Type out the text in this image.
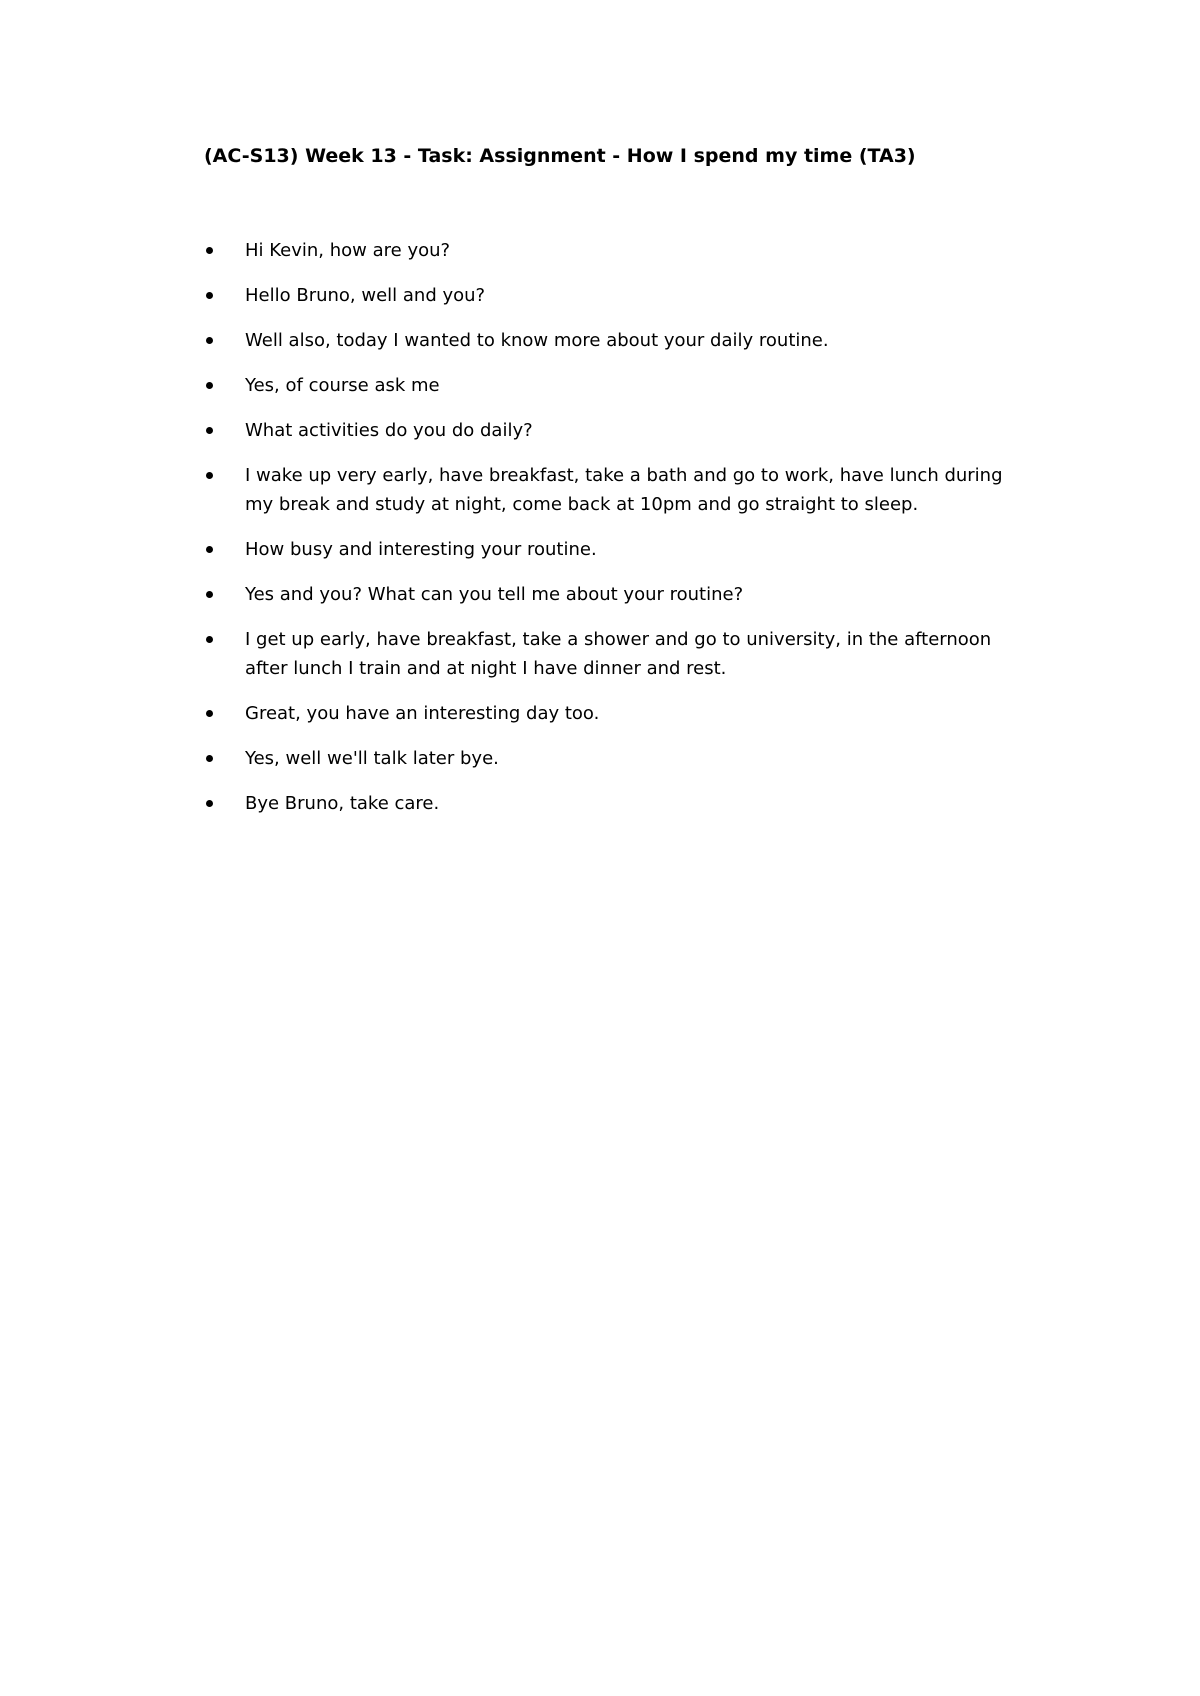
(AC-S13) Week 13 - Task: Assignment - How I spend my time (TA3)
Hi Kevin, how are you?
Hello Bruno, well and you?
Well also, today I wanted to know more about your daily routine.
Yes, of course ask me
What activities do you do daily?
I wake up very early, have breakfast, take a bath and go to work, have lunch during my break and study at night, come back at 10pm and go straight to sleep.
How busy and interesting your routine.
Yes and you? What can you tell me about your routine?
I get up early, have breakfast, take a shower and go to university, in the afternoon after lunch I train and at night I have dinner and rest.
Great, you have an interesting day too.
Yes, well we'll talk later bye.
Bye Bruno, take care.
